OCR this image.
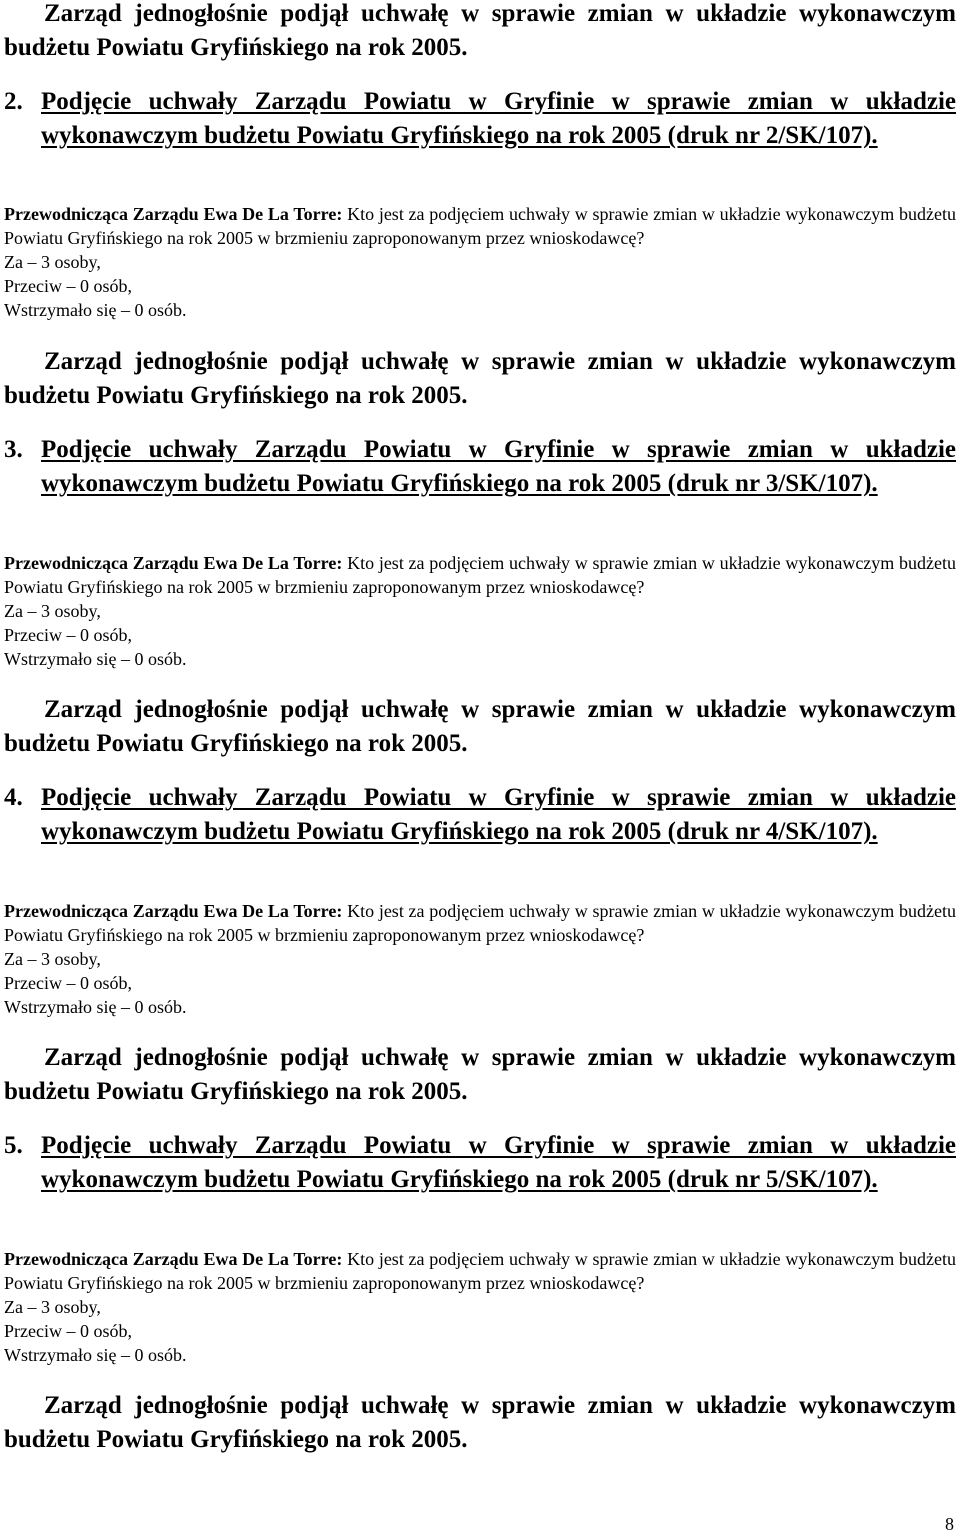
Zarząd jednogłośnie podjął uchwałę w sprawie zmian w układzie wykonawczym budżetu Powiatu Gryfińskiego na rok 2005.
2. Podjęcie uchwały Zarządu Powiatu w Gryfinie w sprawie zmian w układzie wykonawczym budżetu Powiatu Gryfińskiego na rok 2005 (druk nr 2/SK/107).
Przewodnicząca Zarządu Ewa De La Torre: Kto jest za podjęciem uchwały w sprawie zmian w układzie wykonawczym budżetu Powiatu Gryfińskiego na rok 2005 w brzmieniu zaproponowanym przez wnioskodawcę?
Za – 3 osoby,
Przeciw – 0 osób,
Wstrzymało się – 0 osób.
Zarząd jednogłośnie podjął uchwałę w sprawie zmian w układzie wykonawczym budżetu Powiatu Gryfińskiego na rok 2005.
3. Podjęcie uchwały Zarządu Powiatu w Gryfinie w sprawie zmian w układzie wykonawczym budżetu Powiatu Gryfińskiego na rok 2005 (druk nr 3/SK/107).
Przewodnicząca Zarządu Ewa De La Torre: Kto jest za podjęciem uchwały w sprawie zmian w układzie wykonawczym budżetu Powiatu Gryfińskiego na rok 2005 w brzmieniu zaproponowanym przez wnioskodawcę?
Za – 3 osoby,
Przeciw – 0 osób,
Wstrzymało się – 0 osób.
Zarząd jednogłośnie podjął uchwałę w sprawie zmian w układzie wykonawczym budżetu Powiatu Gryfińskiego na rok 2005.
4. Podjęcie uchwały Zarządu Powiatu w Gryfinie w sprawie zmian w układzie wykonawczym budżetu Powiatu Gryfińskiego na rok 2005 (druk nr 4/SK/107).
Przewodnicząca Zarządu Ewa De La Torre: Kto jest za podjęciem uchwały w sprawie zmian w układzie wykonawczym budżetu Powiatu Gryfińskiego na rok 2005 w brzmieniu zaproponowanym przez wnioskodawcę?
Za – 3 osoby,
Przeciw – 0 osób,
Wstrzymało się – 0 osób.
Zarząd jednogłośnie podjął uchwałę w sprawie zmian w układzie wykonawczym budżetu Powiatu Gryfińskiego na rok 2005.
5. Podjęcie uchwały Zarządu Powiatu w Gryfinie w sprawie zmian w układzie wykonawczym budżetu Powiatu Gryfińskiego na rok 2005 (druk nr 5/SK/107).
Przewodnicząca Zarządu Ewa De La Torre: Kto jest za podjęciem uchwały w sprawie zmian w układzie wykonawczym budżetu Powiatu Gryfińskiego na rok 2005 w brzmieniu zaproponowanym przez wnioskodawcę?
Za – 3 osoby,
Przeciw – 0 osób,
Wstrzymało się – 0 osób.
Zarząd jednogłośnie podjął uchwałę w sprawie zmian w układzie wykonawczym budżetu Powiatu Gryfińskiego na rok 2005.
8
